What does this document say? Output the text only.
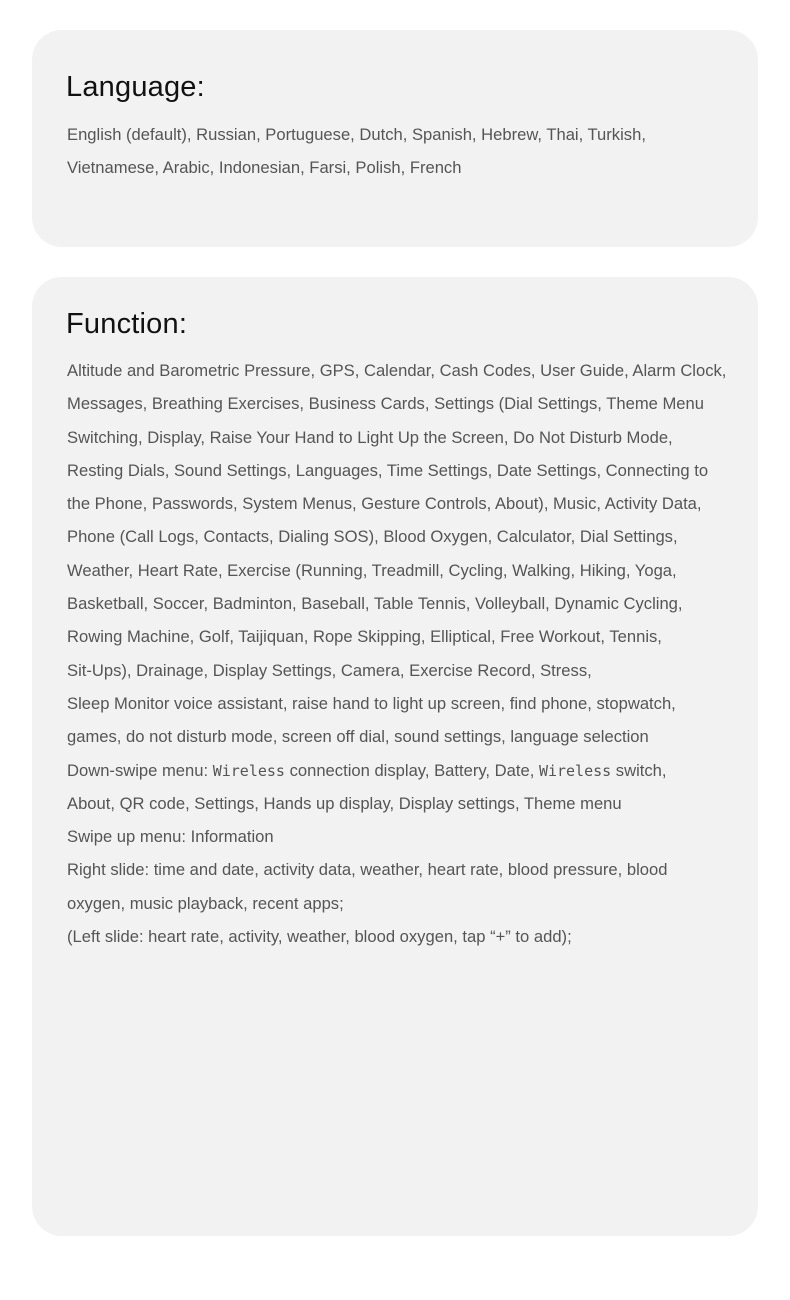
Language:
English (default), Russian, Portuguese, Dutch, Spanish, Hebrew, Thai, Turkish,
Vietnamese, Arabic, Indonesian, Farsi, Polish, French
Function:
Altitude and Barometric Pressure, GPS, Calendar, Cash Codes, User Guide, Alarm Clock,
Messages, Breathing Exercises, Business Cards, Settings (Dial Settings, Theme Menu
Switching, Display, Raise Your Hand to Light Up the Screen, Do Not Disturb Mode,
Resting Dials, Sound Settings, Languages, Time Settings, Date Settings, Connecting to
the Phone, Passwords, System Menus, Gesture Controls, About), Music, Activity Data,
Phone (Call Logs, Contacts, Dialing SOS), Blood Oxygen, Calculator, Dial Settings,
Weather, Heart Rate, Exercise (Running, Treadmill, Cycling, Walking, Hiking, Yoga,
Basketball, Soccer, Badminton, Baseball, Table Tennis, Volleyball, Dynamic Cycling,
Rowing Machine, Golf, Taijiquan, Rope Skipping, Elliptical, Free Workout, Tennis,
Sit-Ups), Drainage, Display Settings, Camera, Exercise Record, Stress,
Sleep Monitor voice assistant, raise hand to light up screen, find phone, stopwatch,
games, do not disturb mode, screen off dial, sound settings, language selection
Down-swipe menu: Wireless connection display, Battery, Date, Wireless switch,
About, QR code, Settings, Hands up display, Display settings, Theme menu
Swipe up menu: Information
Right slide: time and date, activity data, weather, heart rate, blood pressure, blood
oxygen, music playback, recent apps;
(Left slide: heart rate, activity, weather, blood oxygen, tap “+” to add);
